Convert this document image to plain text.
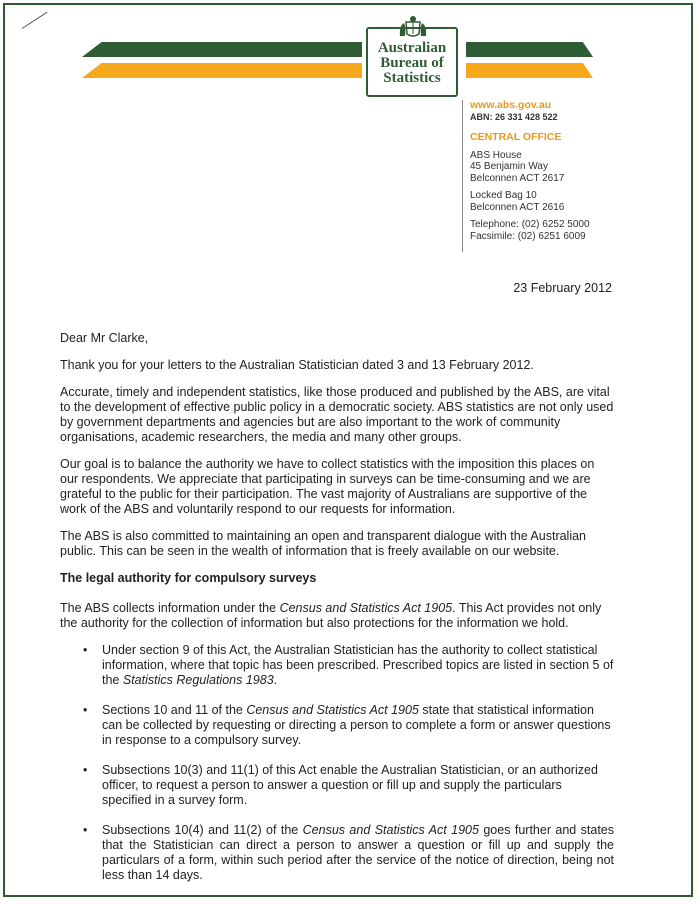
Australian
Bureau of
Statistics
www.abs.gov.au
ABN: 26 331 428 522
CENTRAL OFFICE
ABS House
45 Benjamin Way
Belconnen ACT 2617
Locked Bag 10
Belconnen ACT 2616
Telephone: (02) 6252 5000
Facsimile: (02) 6251 6009
23 February 2012

Dear Mr Clarke,

Thank you for your letters to the Australian Statistician dated 3 and 13 February 2012.

Accurate, timely and independent statistics, like those produced and published by the ABS, are vital to the development of effective public policy in a democratic society. ABS statistics are not only used by government departments and agencies but are also important to the work of community organisations, academic researchers, the media and many other groups.

Our goal is to balance the authority we have to collect statistics with the imposition this places on our respondents. We appreciate that participating in surveys can be time-consuming and we are grateful to the public for their participation. The vast majority of Australians are supportive of the work of the ABS and voluntarily respond to our requests for information.

The ABS is also committed to maintaining an open and transparent dialogue with the Australian public. This can be seen in the wealth of information that is freely available on our website.

The legal authority for compulsory surveys

The ABS collects information under the Census and Statistics Act 1905. This Act provides not only the authority for the collection of information but also protections for the information we hold.

• Under section 9 of this Act, the Australian Statistician has the authority to collect statistical information, where that topic has been prescribed. Prescribed topics are listed in section 5 of the Statistics Regulations 1983.
• Sections 10 and 11 of the Census and Statistics Act 1905 state that statistical information can be collected by requesting or directing a person to complete a form or answer questions in response to a compulsory survey.
• Subsections 10(3) and 11(1) of this Act enable the Australian Statistician, or an authorized officer, to request a person to answer a question or fill up and supply the particulars specified in a survey form.
• Subsections 10(4) and 11(2) of the Census and Statistics Act 1905 goes further and states that the Statistician can direct a person to answer a question or fill up and supply the particulars of a form, within such period after the service of the notice of direction, being not less than 14 days.
